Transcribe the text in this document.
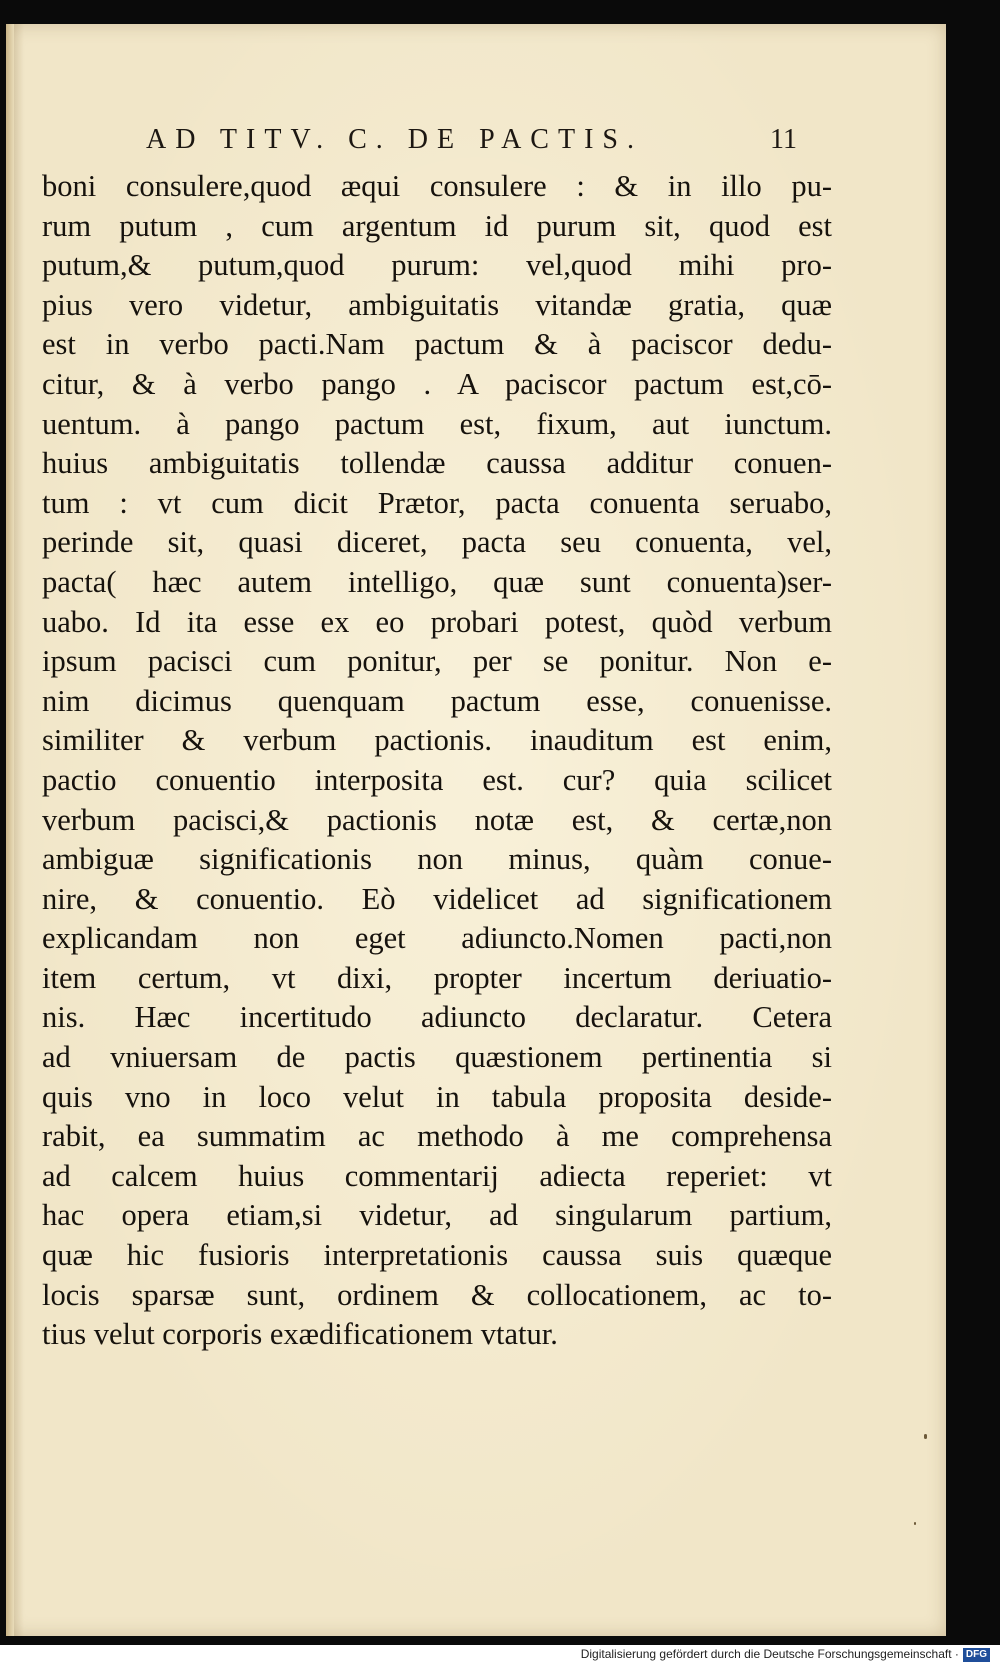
AD TITV. C. DE PACTIS.	11
boni consulere,quod æqui consulere : & in illo pu-
rum putum , cum argentum id purum sit, quod est
putum,& putum,quod purum: vel,quod mihi pro-
pius vero videtur, ambiguitatis vitandæ gratia, quæ
est in verbo pacti.Nam pactum & à paciscor dedu-
citur, & à verbo pango . A paciscor pactum est,cō-
uentum. à pango pactum est, fixum, aut iunctum.
huius ambiguitatis tollendæ caussa additur conuen-
tum : vt cum dicit Prætor, pacta conuenta seruabo,
perinde sit, quasi diceret, pacta seu conuenta, vel,
pacta( hæc autem intelligo, quæ sunt conuenta)ser-
uabo. Id ita esse ex eo probari potest, quòd verbum
ipsum pacisci cum ponitur, per se ponitur. Non e-
nim dicimus quenquam pactum esse, conuenisse.
similiter & verbum pactionis. inauditum est enim,
pactio conuentio interposita est. cur? quia scilicet
verbum pacisci,& pactionis notæ est, & certæ,non
ambiguæ significationis non minus, quàm conue-
nire, & conuentio. Eò videlicet ad significationem
explicandam non eget adiuncto.Nomen pacti,non
item certum, vt dixi, propter incertum deriuatio-
nis. Hæc incertitudo adiuncto declaratur. Cetera
ad vniuersam de pactis quæstionem pertinentia si
quis vno in loco velut in tabula proposita deside-
rabit, ea summatim ac methodo à me comprehensa
ad calcem huius commentarij adiecta reperiet: vt
hac opera etiam,si videtur, ad singularum partium,
quæ hic fusioris interpretationis caussa suis quæque
locis sparsæ sunt, ordinem & collocationem, ac to-
tius velut corporis exædificationem vtatur.
Digitalisierung gefördert durch die Deutsche Forschungsgemeinschaft · DFG
